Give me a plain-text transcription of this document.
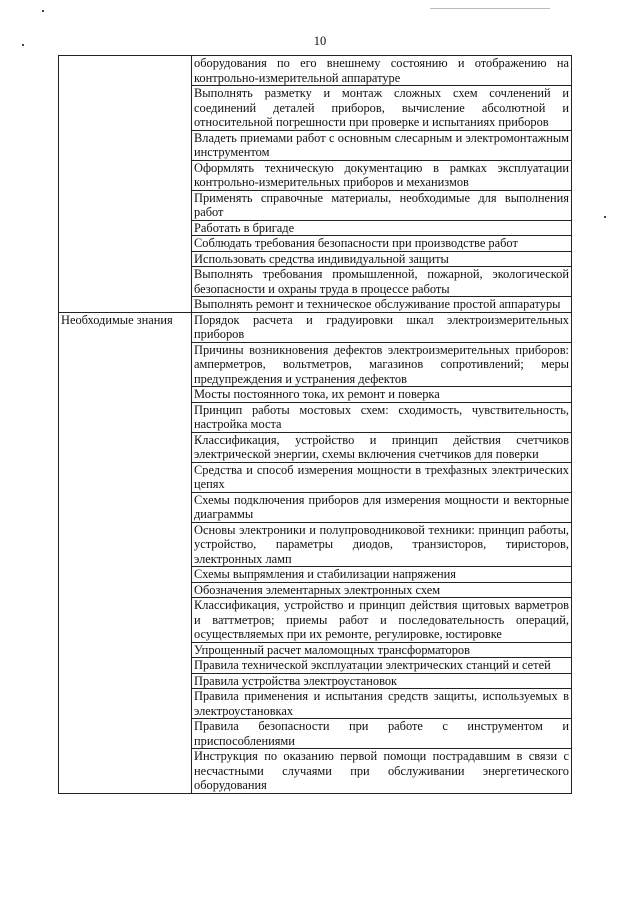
10

	оборудования по его внешнему состоянию и отображению на контрольно-измерительной аппаратуре

	Выполнять разметку и монтаж сложных схем сочленений и соединений деталей приборов, вычисление абсолютной и относительной погрешности при проверке и испытаниях приборов

	Владеть приемами работ с основным слесарным и электромонтажным инструментом

	Оформлять техническую документацию в рамках эксплуатации контрольно-измерительных приборов и механизмов

	Применять справочные материалы, необходимые для выполнения работ

	Работать в бригаде

	Соблюдать требования безопасности при производстве работ

	Использовать средства индивидуальной защиты

	Выполнять требования промышленной, пожарной, экологической безопасности и охраны труда в процессе работы

	Выполнять ремонт и техническое обслуживание простой аппаратуры

Необходимые знания	Порядок расчета и градуировки шкал электроизмерительных приборов

	Причины возникновения дефектов электроизмерительных приборов: амперметров, вольтметров, магазинов сопротивлений; меры предупреждения и устранения дефектов

	Мосты постоянного тока, их ремонт и поверка

	Принцип работы мостовых схем: сходимость, чувствительность, настройка моста

	Классификация, устройство и принцип действия счетчиков электрической энергии, схемы включения счетчиков для поверки

	Средства и способ измерения мощности в трехфазных электрических цепях

	Схемы подключения приборов для измерения мощности и векторные диаграммы

	Основы электроники и полупроводниковой техники: принцип работы, устройство, параметры диодов, транзисторов, тиристоров, электронных ламп

	Схемы выпрямления и стабилизации напряжения

	Обозначения элементарных электронных схем

	Классификация, устройство и принцип действия щитовых варметров и ваттметров; приемы работ и последовательность операций, осуществляемых при их ремонте, регулировке, юстировке

	Упрощенный расчет маломощных трансформаторов

	Правила технической эксплуатации электрических станций и сетей

	Правила устройства электроустановок

	Правила применения и испытания средств защиты, используемых в электроустановках

	Правила безопасности при работе с инструментом и приспособлениями

	Инструкция по оказанию первой помощи пострадавшим в связи с несчастными случаями при обслуживании энергетического оборудования
